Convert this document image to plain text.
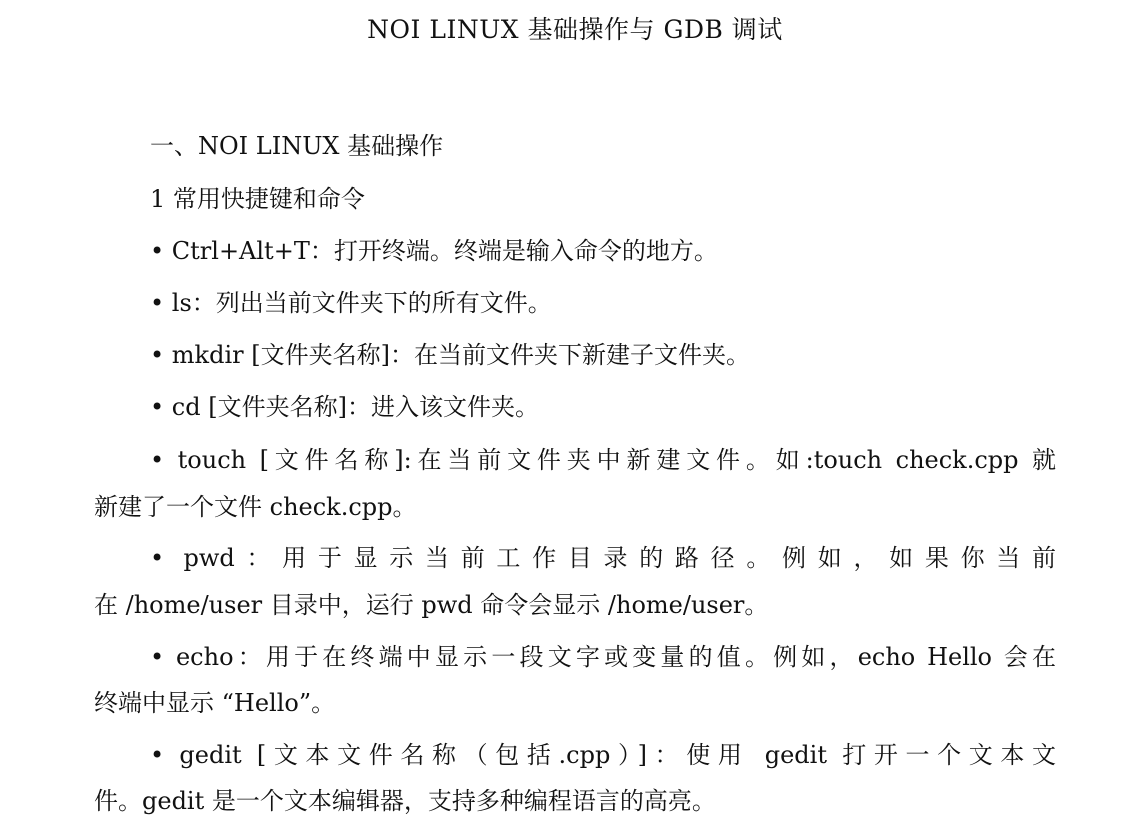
NOI LINUX 基础操作与 GDB 调试
一、NOI LINUX 基础操作
1 常用快捷键和命令
• Ctrl+Alt+T：打开终端。终端是输入命令的地方。
• ls：列出当前文件夹下的所有文件。
• mkdir [文件夹名称]：在当前文件夹下新建子文件夹。
• cd [文件夹名称]：进入该文件夹。
• touch [文件名称]:在当前文件夹中新建文件。如:touch check.cpp 就
新建了一个文件 check.cpp。
• pwd：用于显示当前工作目录的路径。例如，如果你当前
在 /home/user 目录中，运行 pwd 命令会显示 /home/user。
• echo：用于在终端中显示一段文字或变量的值。例如，echo Hello 会在
终端中显示 “Hello”。
• gedit [文本文件名称（包括.cpp）]：使用 gedit 打开一个文本文
件。gedit 是一个文本编辑器，支持多种编程语言的高亮。
